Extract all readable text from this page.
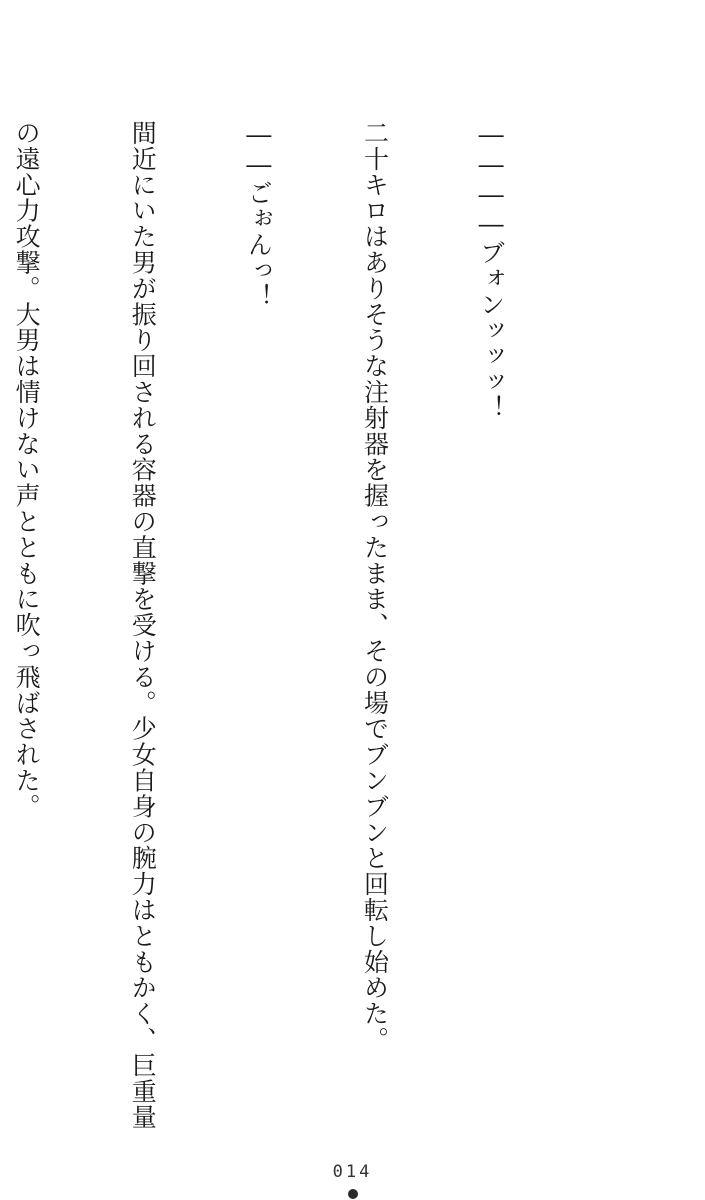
――――ブォンッッッ！

二十キロはありそうな注射器を握ったまま、その場でブンブンと回転し始めた。

――ごぉんっ！

間近にいた男が振り回される容器の直撃を受ける。少女自身の腕力はともかく、巨重量

の遠心力攻撃。大男は情けない声とともに吹っ飛ばされた。

014
